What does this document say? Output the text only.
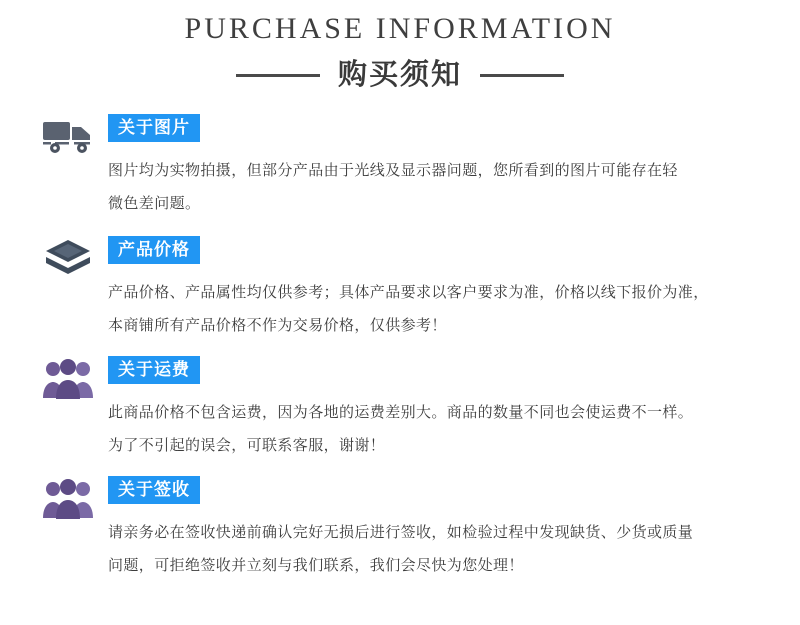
PURCHASE INFORMATION
购买须知
关于图片

图片均为实物拍摄，但部分产品由于光线及显示器问题，您所看到的图片可能存在轻

微色差问题。

产品价格

产品价格、产品属性均仅供参考；具体产品要求以客户要求为准，价格以线下报价为准，

本商铺所有产品价格不作为交易价格，仅供参考！

关于运费

此商品价格不包含运费，因为各地的运费差别大。商品的数量不同也会使运费不一样。

为了不引起的误会，可联系客服，谢谢！

关于签收

请亲务必在签收快递前确认完好无损后进行签收，如检验过程中发现缺货、少货或质量

问题，可拒绝签收并立刻与我们联系，我们会尽快为您处理！
